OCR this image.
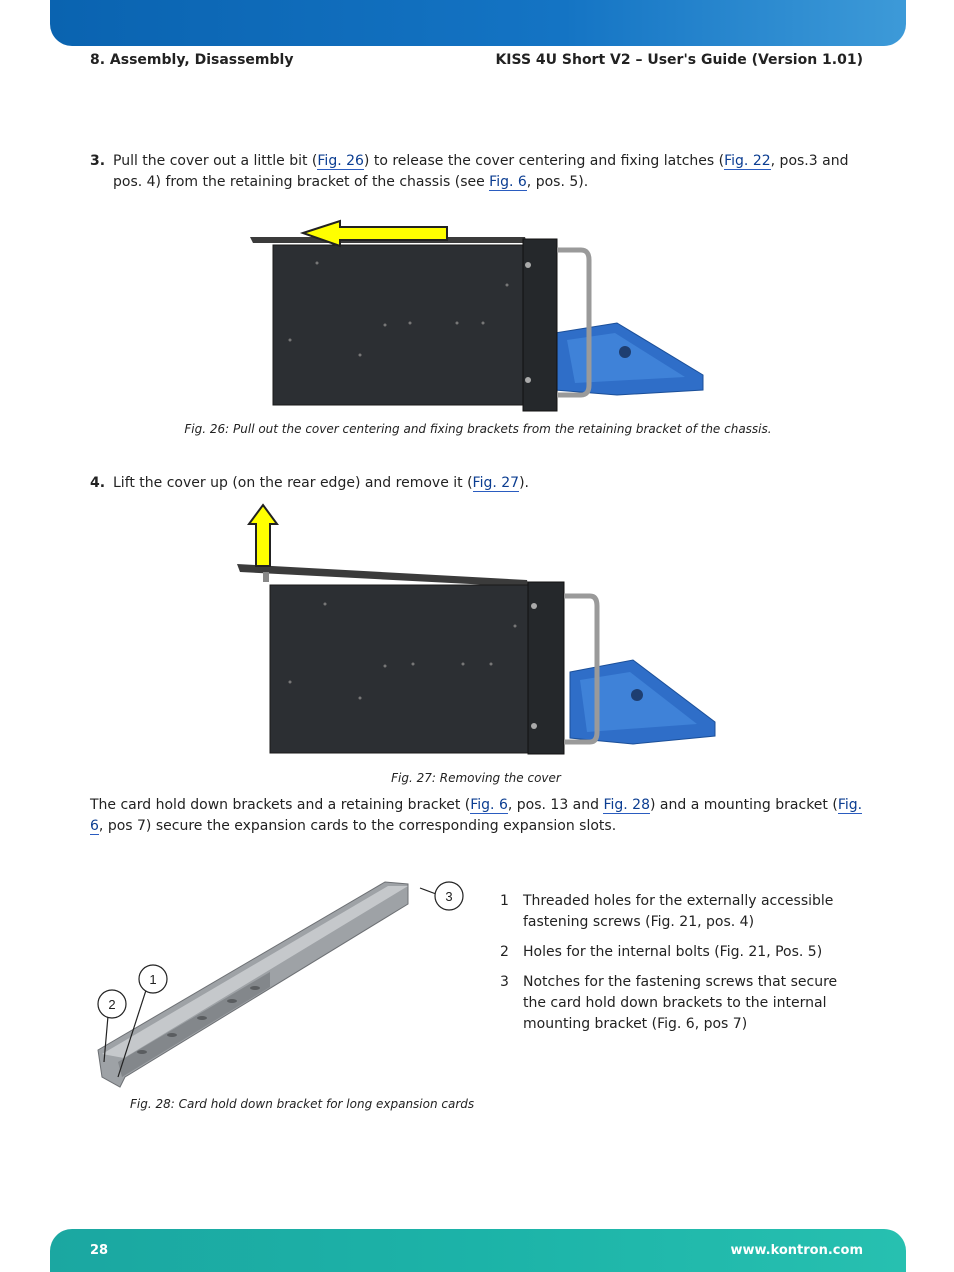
8. Assembly, Disassembly	KISS 4U Short V2 – User's Guide (Version 1.01)
3. Pull the cover out a little bit (Fig. 26) to release the cover centering and fixing latches (Fig. 22, pos.3 and pos. 4) from the retaining bracket of the chassis (see Fig. 6, pos. 5).
Fig. 26: Pull out the cover centering and fixing brackets from the retaining bracket of the chassis.
4. Lift the cover up (on the rear edge) and remove it (Fig. 27).
Fig. 27: Removing the cover
The card hold down brackets and a retaining bracket (Fig. 6, pos. 13 and Fig. 28) and a mounting bracket (Fig. 6, pos 7) secure the expansion cards to the corresponding expansion slots.
3
1
2
Fig. 28: Card hold down bracket for long expansion cards
1 Threaded holes for the externally accessible fastening screws (Fig. 21, pos. 4)
2 Holes for the internal bolts (Fig. 21, Pos. 5)
3 Notches for the fastening screws that secure the card hold down brackets to the internal mounting bracket (Fig. 6, pos 7)
28	www.kontron.com
